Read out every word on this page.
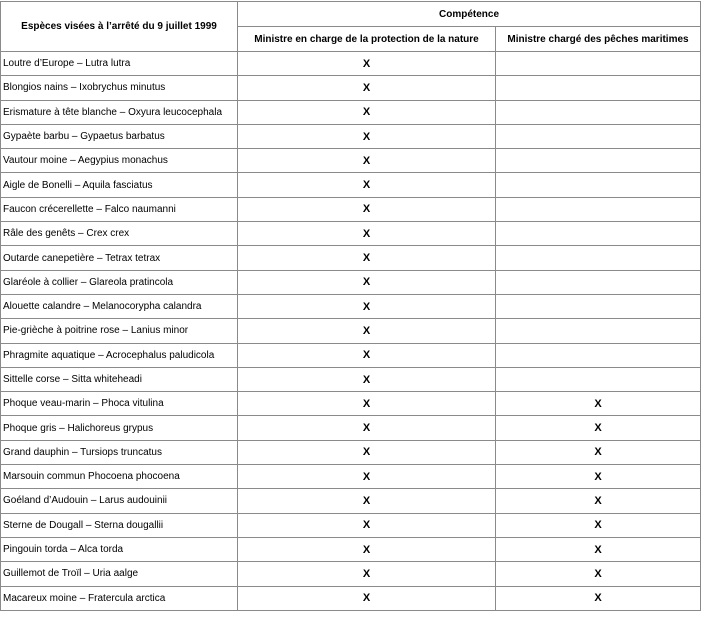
Espèces visées à l’arrêté du 9 juillet 1999	Compétence	
	Ministre en charge de la protection de la nature	Ministre chargé des pêches maritimes
Loutre d’Europe – Lutra lutra	X	
Blongios nains – Ixobrychus minutus	X	
Erismature à tête blanche – Oxyura leucocephala	X	
Gypaète barbu – Gypaetus barbatus	X	
Vautour moine – Aegypius monachus	X	
Aigle de Bonelli – Aquila fasciatus	X	
Faucon crécerellette – Falco naumanni	X	
Râle des genêts – Crex crex	X	
Outarde canepetière – Tetrax tetrax	X	
Glaréole à collier – Glareola pratincola	X	
Alouette calandre – Melanocorypha calandra	X	
Pie-grièche à poitrine rose – Lanius minor	X	
Phragmite aquatique – Acrocephalus paludicola	X	
Sittelle corse – Sitta whiteheadi	X	
Phoque veau-marin – Phoca vitulina	X	X
Phoque gris – Halichoreus grypus	X	X
Grand dauphin – Tursiops truncatus	X	X
Marsouin commun Phocoena phocoena	X	X
Goéland d’Audouin – Larus audouinii	X	X
Sterne de Dougall – Sterna dougallii	X	X
Pingouin torda – Alca torda	X	X
Guillemot de Troïl – Uria aalge	X	X
Macareux moine – Fratercula arctica	X	X
